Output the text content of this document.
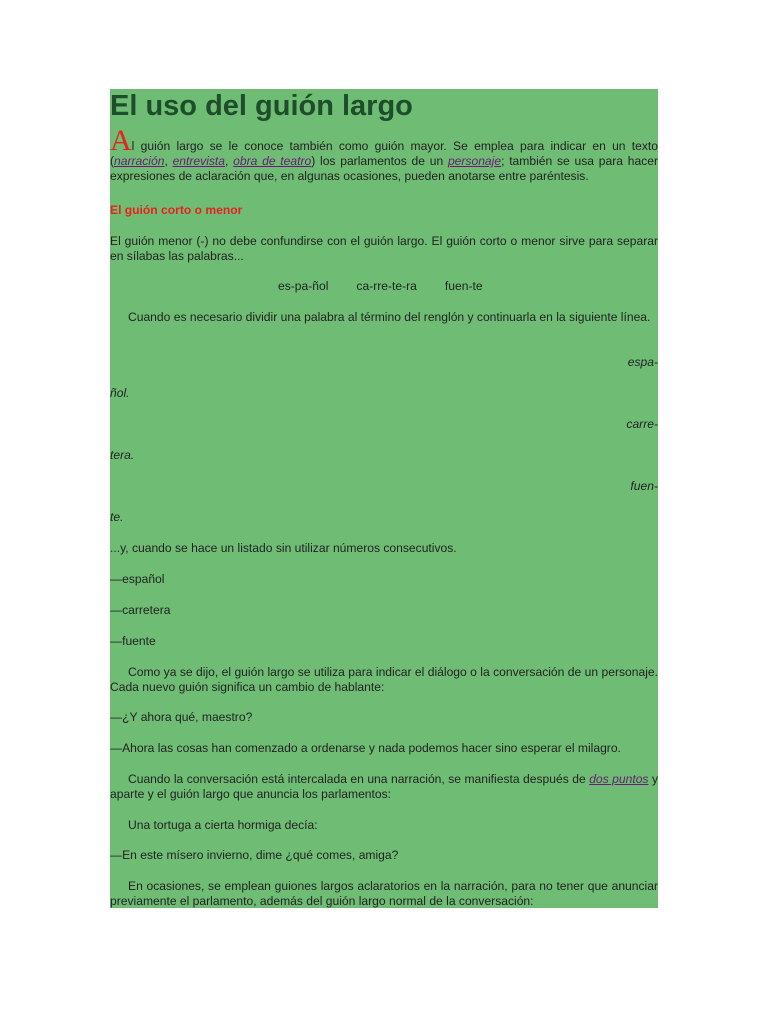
El uso del guión largo

Al guión largo se le conoce también como guión mayor. Se emplea para indicar en un texto (narración, entrevista, obra de teatro) los parlamentos de un personaje; también se usa para hacer expresiones de aclaración que, en algunas ocasiones, pueden anotarse entre paréntesis.

El guión corto o menor

El guión menor (-) no debe confundirse con el guión largo. El guión corto o menor sirve para separar en sílabas las palabras...

es-pa-ñol ca-rre-te-ra fuen-te

Cuando es necesario dividir una palabra al término del renglón y continuarla en la siguiente línea.

espa-

ñol.

carre-

tera.

fuen-

te.

...y, cuando se hace un listado sin utilizar números consecutivos.

—español

—carretera

—fuente

Como ya se dijo, el guión largo se utiliza para indicar el diálogo o la conversación de un personaje. Cada nuevo guión significa un cambio de hablante:

—¿Y ahora qué, maestro?

—Ahora las cosas han comenzado a ordenarse y nada podemos hacer sino esperar el milagro.

Cuando la conversación está intercalada en una narración, se manifiesta después de dos puntos y aparte y el guión largo que anuncia los parlamentos:

Una tortuga a cierta hormiga decía:

—En este mísero invierno, dime ¿qué comes, amiga?

En ocasiones, se emplean guiones largos aclaratorios en la narración, para no tener que anunciar previamente el parlamento, además del guión largo normal de la conversación:
